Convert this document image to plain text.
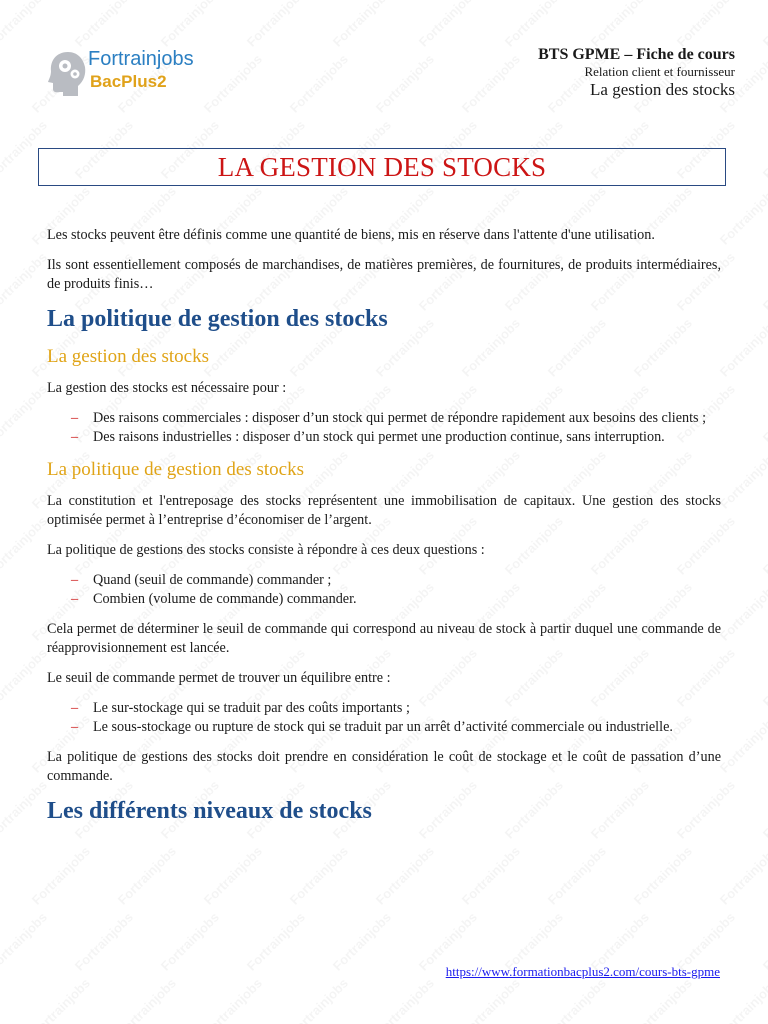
Fortrainjobs
BacPlus2
BTS GPME – Fiche de cours
Relation client et fournisseur
La gestion des stocks
LA GESTION DES STOCKS

Les stocks peuvent être définis comme une quantité de biens, mis en réserve dans l'attente d'une utilisation.

Ils sont essentiellement composés de marchandises, de matières premières, de fournitures, de produits intermédiaires, de produits finis…

La politique de gestion des stocks
La gestion des stocks

La gestion des stocks est nécessaire pour :

– Des raisons commerciales : disposer d’un stock qui permet de répondre rapidement aux besoins des clients ;
– Des raisons industrielles : disposer d’un stock qui permet une production continue, sans interruption.
La politique de gestion des stocks

La constitution et l'entreposage des stocks représentent une immobilisation de capitaux. Une gestion des stocks optimisée permet à l’entreprise d’économiser de l’argent.

La politique de gestions des stocks consiste à répondre à ces deux questions :

– Quand (seuil de commande) commander ;
– Combien (volume de commande) commander.

Cela permet de déterminer le seuil de commande qui correspond au niveau de stock à partir duquel une commande de réapprovisionnement est lancée.

Le seuil de commande permet de trouver un équilibre entre :

– Le sur-stockage qui se traduit par des coûts importants ;
– Le sous-stockage ou rupture de stock qui se traduit par un arrêt d’activité commerciale ou industrielle.

La politique de gestions des stocks doit prendre en considération le coût de stockage et le coût de passation d’une commande.

Les différents niveaux de stocks
https://www.formationbacplus2.com/cours-bts-gpme
